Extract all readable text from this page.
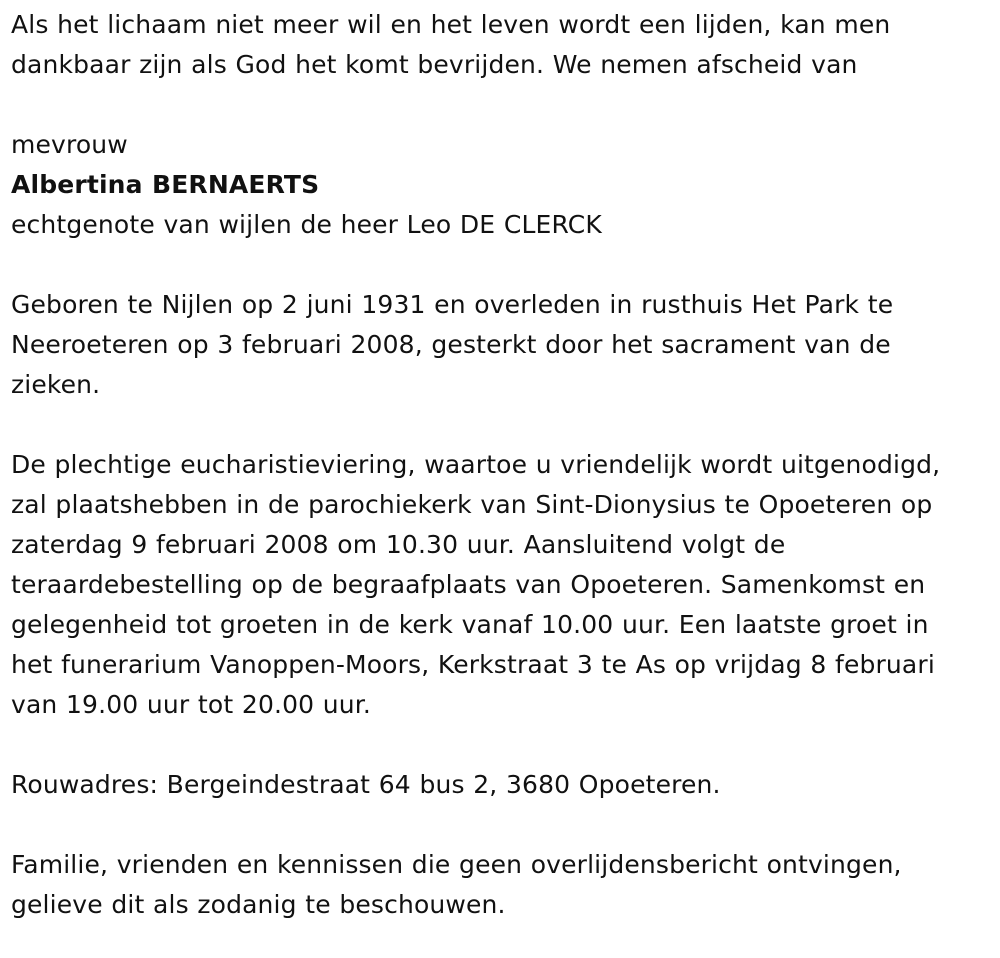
Als het lichaam niet meer wil en het leven wordt een lijden, kan men

dankbaar zijn als God het komt bevrijden. We nemen afscheid van

mevrouw

Albertina BERNAERTS

echtgenote van wijlen de heer Leo DE CLERCK

Geboren te Nijlen op 2 juni 1931 en overleden in rusthuis Het Park te

Neeroeteren op 3 februari 2008, gesterkt door het sacrament van de

zieken.

De plechtige eucharistieviering, waartoe u vriendelijk wordt uitgenodigd,

zal plaatshebben in de parochiekerk van Sint-Dionysius te Opoeteren op

zaterdag 9 februari 2008 om 10.30 uur. Aansluitend volgt de

teraardebestelling op de begraafplaats van Opoeteren. Samenkomst en

gelegenheid tot groeten in de kerk vanaf 10.00 uur. Een laatste groet in

het funerarium Vanoppen-Moors, Kerkstraat 3 te As op vrijdag 8 februari

van 19.00 uur tot 20.00 uur.

Rouwadres: Bergeindestraat 64 bus 2, 3680 Opoeteren.

Familie, vrienden en kennissen die geen overlijdensbericht ontvingen,

gelieve dit als zodanig te beschouwen.
